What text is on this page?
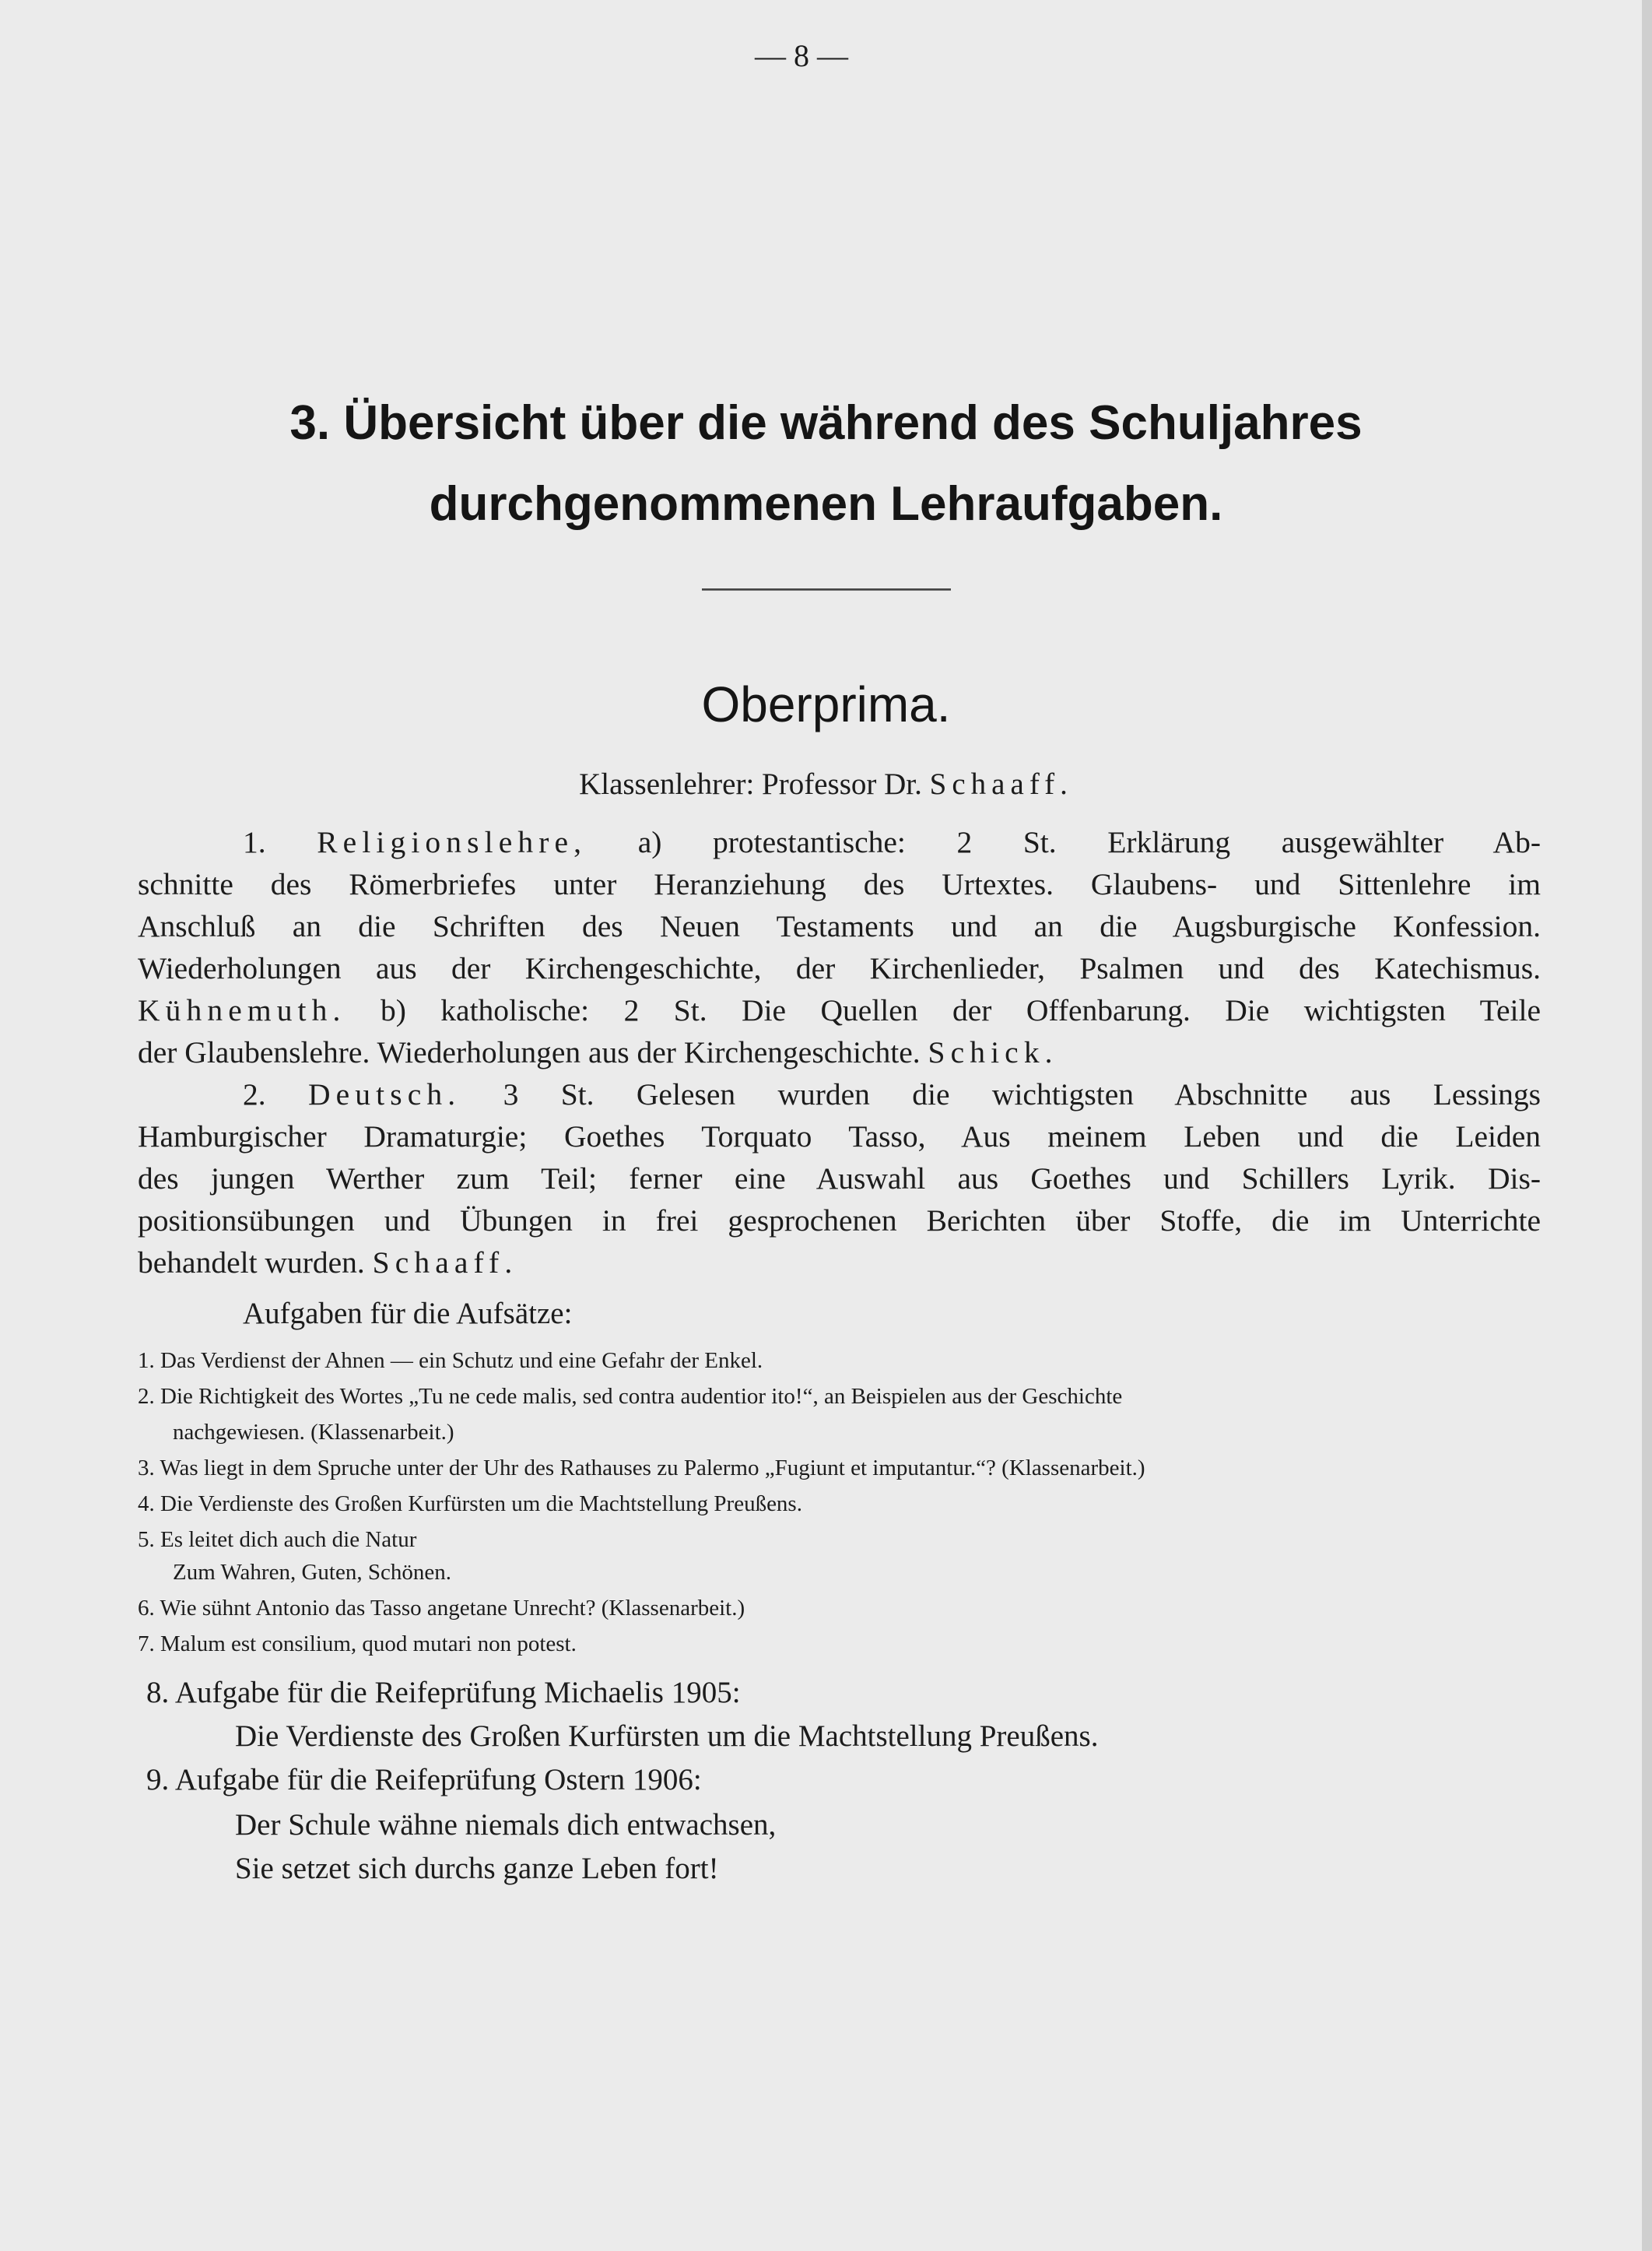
— 8 —
3. Übersicht über die während des Schuljahres
durchgenommenen Lehraufgaben.
Oberprima.
Klassenlehrer: Professor Dr. Schaaff.
1. Religionslehre, a) protestantische: 2 St. Erklärung ausgewählter Ab-
schnitte des Römerbriefes unter Heranziehung des Urtextes. Glaubens- und Sittenlehre im
Anschluß an die Schriften des Neuen Testaments und an die Augsburgische Konfession.
Wiederholungen aus der Kirchengeschichte, der Kirchenlieder, Psalmen und des Katechismus.
Kühnemuth. b) katholische: 2 St. Die Quellen der Offenbarung. Die wichtigsten Teile
der Glaubenslehre. Wiederholungen aus der Kirchengeschichte. Schick.
2. Deutsch. 3 St. Gelesen wurden die wichtigsten Abschnitte aus Lessings
Hamburgischer Dramaturgie; Goethes Torquato Tasso, Aus meinem Leben und die Leiden
des jungen Werther zum Teil; ferner eine Auswahl aus Goethes und Schillers Lyrik. Dis-
positionsübungen und Übungen in frei gesprochenen Berichten über Stoffe, die im Unterrichte
behandelt wurden. Schaaff.
Aufgaben für die Aufsätze:
1. Das Verdienst der Ahnen — ein Schutz und eine Gefahr der Enkel.
2. Die Richtigkeit des Wortes „Tu ne cede malis, sed contra audentior ito!“, an Beispielen aus der Geschichte
nachgewiesen. (Klassenarbeit.)
3. Was liegt in dem Spruche unter der Uhr des Rathauses zu Palermo „Fugiunt et imputantur.“? (Klassenarbeit.)
4. Die Verdienste des Großen Kurfürsten um die Machtstellung Preußens.
5. Es leitet dich auch die Natur
Zum Wahren, Guten, Schönen.
6. Wie sühnt Antonio das Tasso angetane Unrecht? (Klassenarbeit.)
7. Malum est consilium, quod mutari non potest.
8. Aufgabe für die Reifeprüfung Michaelis 1905:
Die Verdienste des Großen Kurfürsten um die Machtstellung Preußens.
9. Aufgabe für die Reifeprüfung Ostern 1906:
Der Schule wähne niemals dich entwachsen,
Sie setzet sich durchs ganze Leben fort!
